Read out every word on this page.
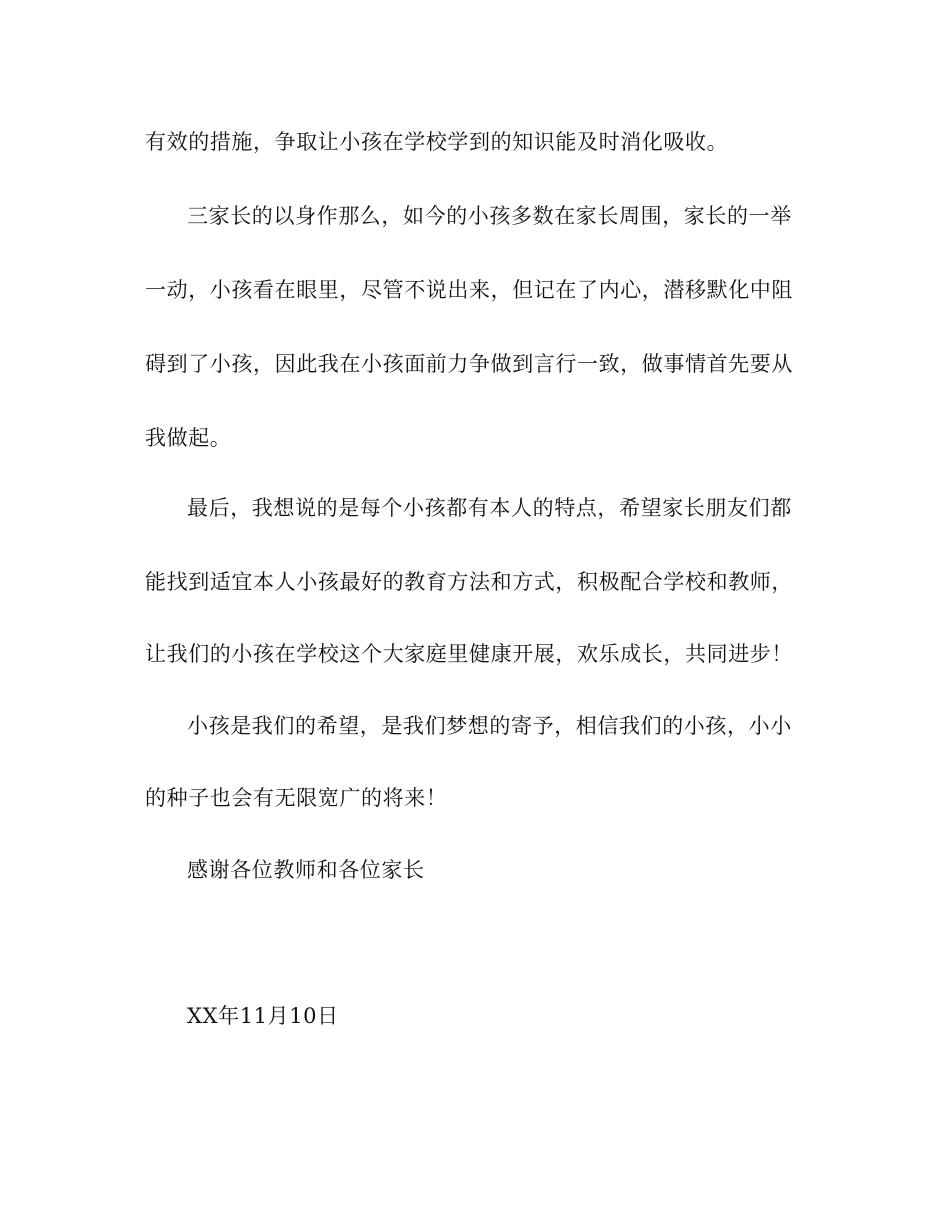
有效的措施，争取让小孩在学校学到的知识能及时消化吸收。
三家长的以身作那么，如今的小孩多数在家长周围，家长的一举
一动，小孩看在眼里，尽管不说出来，但记在了内心，潜移默化中阻
碍到了小孩，因此我在小孩面前力争做到言行一致，做事情首先要从
我做起。
最后，我想说的是每个小孩都有本人的特点，希望家长朋友们都
能找到适宜本人小孩最好的教育方法和方式，积极配合学校和教师，
让我们的小孩在学校这个大家庭里健康开展，欢乐成长，共同进步！
小孩是我们的希望，是我们梦想的寄予，相信我们的小孩，小小
的种子也会有无限宽广的将来！
感谢各位教师和各位家长
XX年11月10日
